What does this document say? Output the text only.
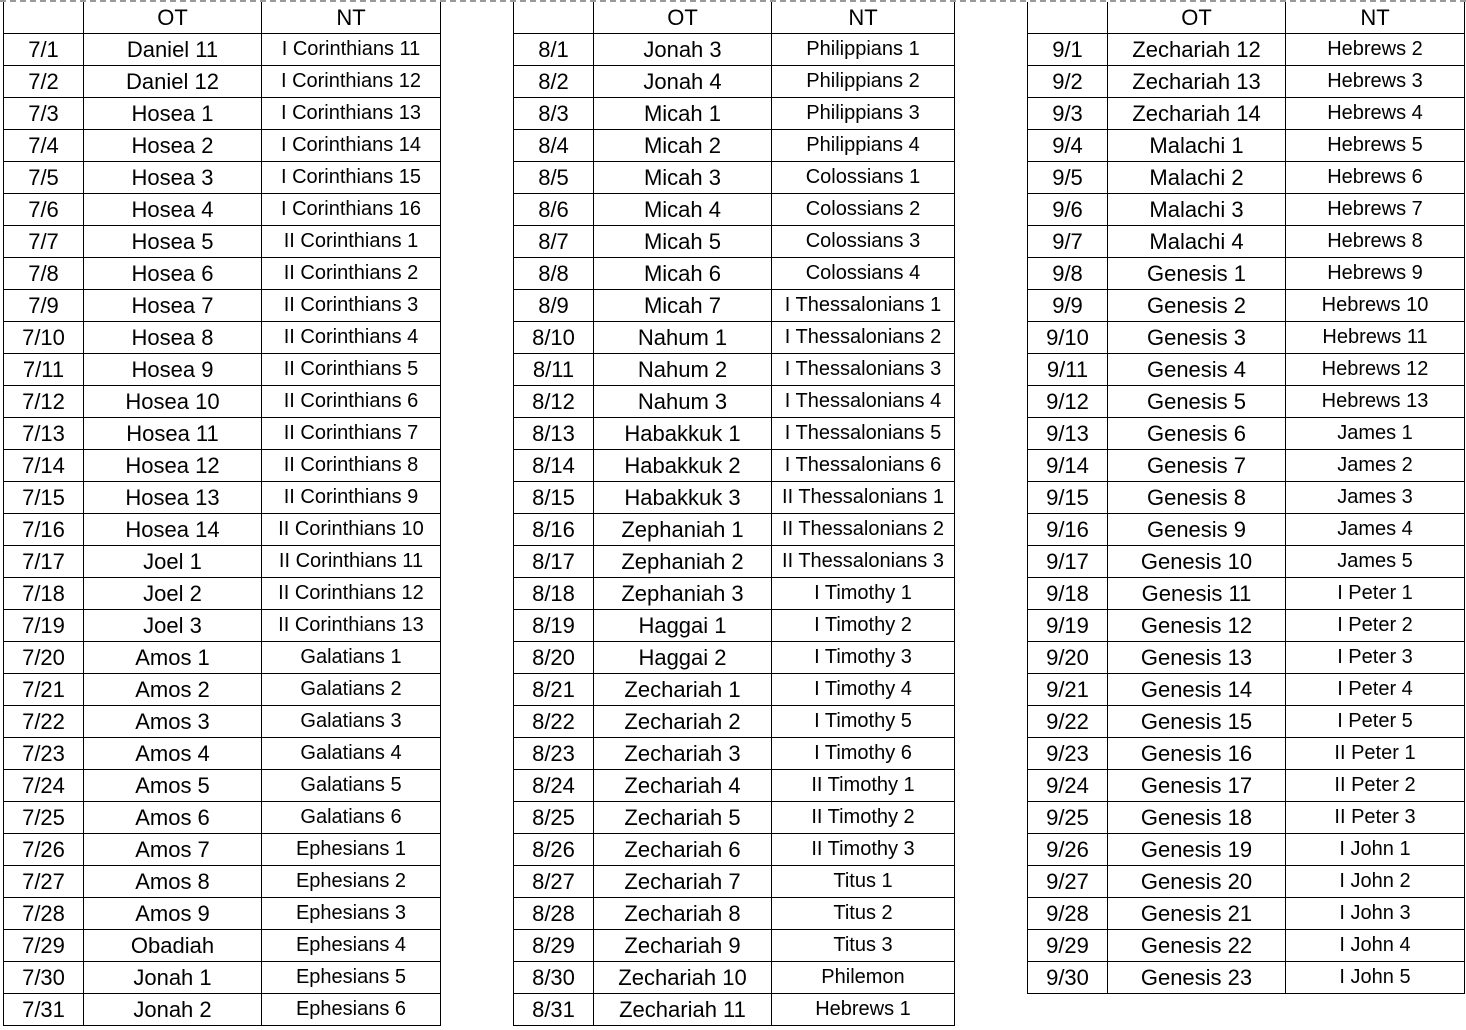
	OT	NT
7/1	Daniel 11	I Corinthians 11
7/2	Daniel 12	I Corinthians 12
7/3	Hosea 1	I Corinthians 13
7/4	Hosea 2	I Corinthians 14
7/5	Hosea 3	I Corinthians 15
7/6	Hosea 4	I Corinthians 16
7/7	Hosea 5	II Corinthians 1
7/8	Hosea 6	II Corinthians 2
7/9	Hosea 7	II Corinthians 3
7/10	Hosea 8	II Corinthians 4
7/11	Hosea 9	II Corinthians 5
7/12	Hosea 10	II Corinthians 6
7/13	Hosea 11	II Corinthians 7
7/14	Hosea 12	II Corinthians 8
7/15	Hosea 13	II Corinthians 9
7/16	Hosea 14	II Corinthians 10
7/17	Joel 1	II Corinthians 11
7/18	Joel 2	II Corinthians 12
7/19	Joel 3	II Corinthians 13
7/20	Amos 1	Galatians 1
7/21	Amos 2	Galatians 2
7/22	Amos 3	Galatians 3
7/23	Amos 4	Galatians 4
7/24	Amos 5	Galatians 5
7/25	Amos 6	Galatians 6
7/26	Amos 7	Ephesians 1
7/27	Amos 8	Ephesians 2
7/28	Amos 9	Ephesians 3
7/29	Obadiah	Ephesians 4
7/30	Jonah 1	Ephesians 5
7/31	Jonah 2	Ephesians 6
	OT	NT
8/1	Jonah 3	Philippians 1
8/2	Jonah 4	Philippians 2
8/3	Micah 1	Philippians 3
8/4	Micah 2	Philippians 4
8/5	Micah 3	Colossians 1
8/6	Micah 4	Colossians 2
8/7	Micah 5	Colossians 3
8/8	Micah 6	Colossians 4
8/9	Micah 7	I Thessalonians 1
8/10	Nahum 1	I Thessalonians 2
8/11	Nahum 2	I Thessalonians 3
8/12	Nahum 3	I Thessalonians 4
8/13	Habakkuk 1	I Thessalonians 5
8/14	Habakkuk 2	I Thessalonians 6
8/15	Habakkuk 3	II Thessalonians 1
8/16	Zephaniah 1	II Thessalonians 2
8/17	Zephaniah 2	II Thessalonians 3
8/18	Zephaniah 3	I Timothy 1
8/19	Haggai 1	I Timothy 2
8/20	Haggai 2	I Timothy 3
8/21	Zechariah 1	I Timothy 4
8/22	Zechariah 2	I Timothy 5
8/23	Zechariah 3	I Timothy 6
8/24	Zechariah 4	II Timothy 1
8/25	Zechariah 5	II Timothy 2
8/26	Zechariah 6	II Timothy 3
8/27	Zechariah 7	Titus 1
8/28	Zechariah 8	Titus 2
8/29	Zechariah 9	Titus 3
8/30	Zechariah 10	Philemon
8/31	Zechariah 11	Hebrews 1
	OT	NT
9/1	Zechariah 12	Hebrews 2
9/2	Zechariah 13	Hebrews 3
9/3	Zechariah 14	Hebrews 4
9/4	Malachi 1	Hebrews 5
9/5	Malachi 2	Hebrews 6
9/6	Malachi 3	Hebrews 7
9/7	Malachi 4	Hebrews 8
9/8	Genesis 1	Hebrews 9
9/9	Genesis 2	Hebrews 10
9/10	Genesis 3	Hebrews 11
9/11	Genesis 4	Hebrews 12
9/12	Genesis 5	Hebrews 13
9/13	Genesis 6	James 1
9/14	Genesis 7	James 2
9/15	Genesis 8	James 3
9/16	Genesis 9	James 4
9/17	Genesis 10	James 5
9/18	Genesis 11	I Peter 1
9/19	Genesis 12	I Peter 2
9/20	Genesis 13	I Peter 3
9/21	Genesis 14	I Peter 4
9/22	Genesis 15	I Peter 5
9/23	Genesis 16	II Peter 1
9/24	Genesis 17	II Peter 2
9/25	Genesis 18	II Peter 3
9/26	Genesis 19	I John 1
9/27	Genesis 20	I John 2
9/28	Genesis 21	I John 3
9/29	Genesis 22	I John 4
9/30	Genesis 23	I John 5
